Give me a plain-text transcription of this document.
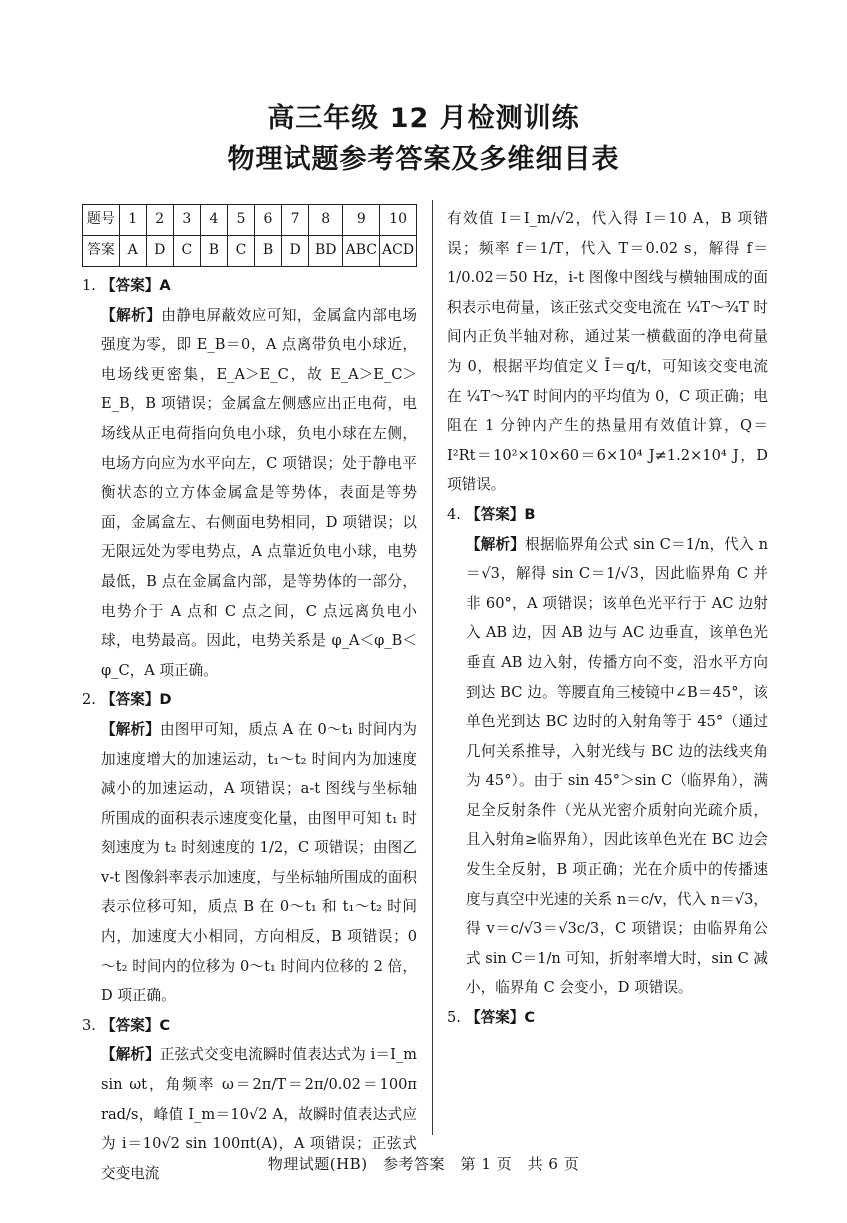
高三年级 12 月检测训练
物理试题参考答案及多维细目表
题号	1	2	3	4	5	6	7	8	9	10
答案	A	D	C	B	C	B	D	BD	ABC	ACD

1. 【答案】A

【解析】由静电屏蔽效应可知，金属盒内部电场强度为零，即 E_B＝0，A 点离带负电小球近，电场线更密集，E_A＞E_C，故 E_A＞E_C＞E_B，B 项错误；金属盒左侧感应出正电荷，电场线从正电荷指向负电小球，负电小球在左侧，电场方向应为水平向左，C 项错误；处于静电平衡状态的立方体金属盒是等势体，表面是等势面，金属盒左、右侧面电势相同，D 项错误；以无限远处为零电势点，A 点靠近负电小球，电势最低，B 点在金属盒内部，是等势体的一部分，电势介于 A 点和 C 点之间，C 点远离负电小球，电势最高。因此，电势关系是 φ_A＜φ_B＜φ_C，A 项正确。

2. 【答案】D

【解析】由图甲可知，质点 A 在 0～t₁ 时间内为加速度增大的加速运动，t₁～t₂ 时间内为加速度减小的加速运动，A 项错误；a-t 图线与坐标轴所围成的面积表示速度变化量，由图甲可知 t₁ 时刻速度为 t₂ 时刻速度的 1/2，C 项错误；由图乙 v-t 图像斜率表示加速度，与坐标轴所围成的面积表示位移可知，质点 B 在 0～t₁ 和 t₁～t₂ 时间内，加速度大小相同，方向相反，B 项错误；0～t₂ 时间内的位移为 0～t₁ 时间内位移的 2 倍，D 项正确。

3. 【答案】C

【解析】正弦式交变电流瞬时值表达式为 i＝I_m sin ωt，角频率 ω＝2π/T＝2π/0.02＝100π rad/s，峰值 I_m＝10√2 A，故瞬时值表达式应为 i＝10√2 sin 100πt(A)，A 项错误；正弦式交变电流

有效值 I＝I_m/√2，代入得 I＝10 A，B 项错误；频率 f＝1/T，代入 T＝0.02 s，解得 f＝1/0.02＝50 Hz，i-t 图像中图线与横轴围成的面积表示电荷量，该正弦式交变电流在 ¼T～¾T 时间内正负半轴对称，通过某一横截面的净电荷量为 0，根据平均值定义 Ī＝q/t，可知该交变电流在 ¼T～¾T 时间内的平均值为 0，C 项正确；电阻在 1 分钟内产生的热量用有效值计算，Q＝I²Rt＝10²×10×60＝6×10⁴ J≠1.2×10⁴ J，D 项错误。

4. 【答案】B

【解析】根据临界角公式 sin C＝1/n，代入 n＝√3，解得 sin C＝1/√3，因此临界角 C 并非 60°，A 项错误；该单色光平行于 AC 边射入 AB 边，因 AB 边与 AC 边垂直，该单色光垂直 AB 边入射，传播方向不变，沿水平方向到达 BC 边。等腰直角三棱镜中∠B＝45°，该单色光到达 BC 边时的入射角等于 45°（通过几何关系推导，入射光线与 BC 边的法线夹角为 45°）。由于 sin 45°＞sin C（临界角），满足全反射条件（光从光密介质射向光疏介质，且入射角≥临界角），因此该单色光在 BC 边会发生全反射，B 项正确；光在介质中的传播速度与真空中光速的关系 n＝c/v，代入 n＝√3，得 v＝c/√3＝√3c/3，C 项错误；由临界角公式 sin C＝1/n 可知，折射率增大时，sin C 减小，临界角 C 会变小，D 项错误。

5. 【答案】C

物理试题(HB)　参考答案　第 1 页　共 6 页
